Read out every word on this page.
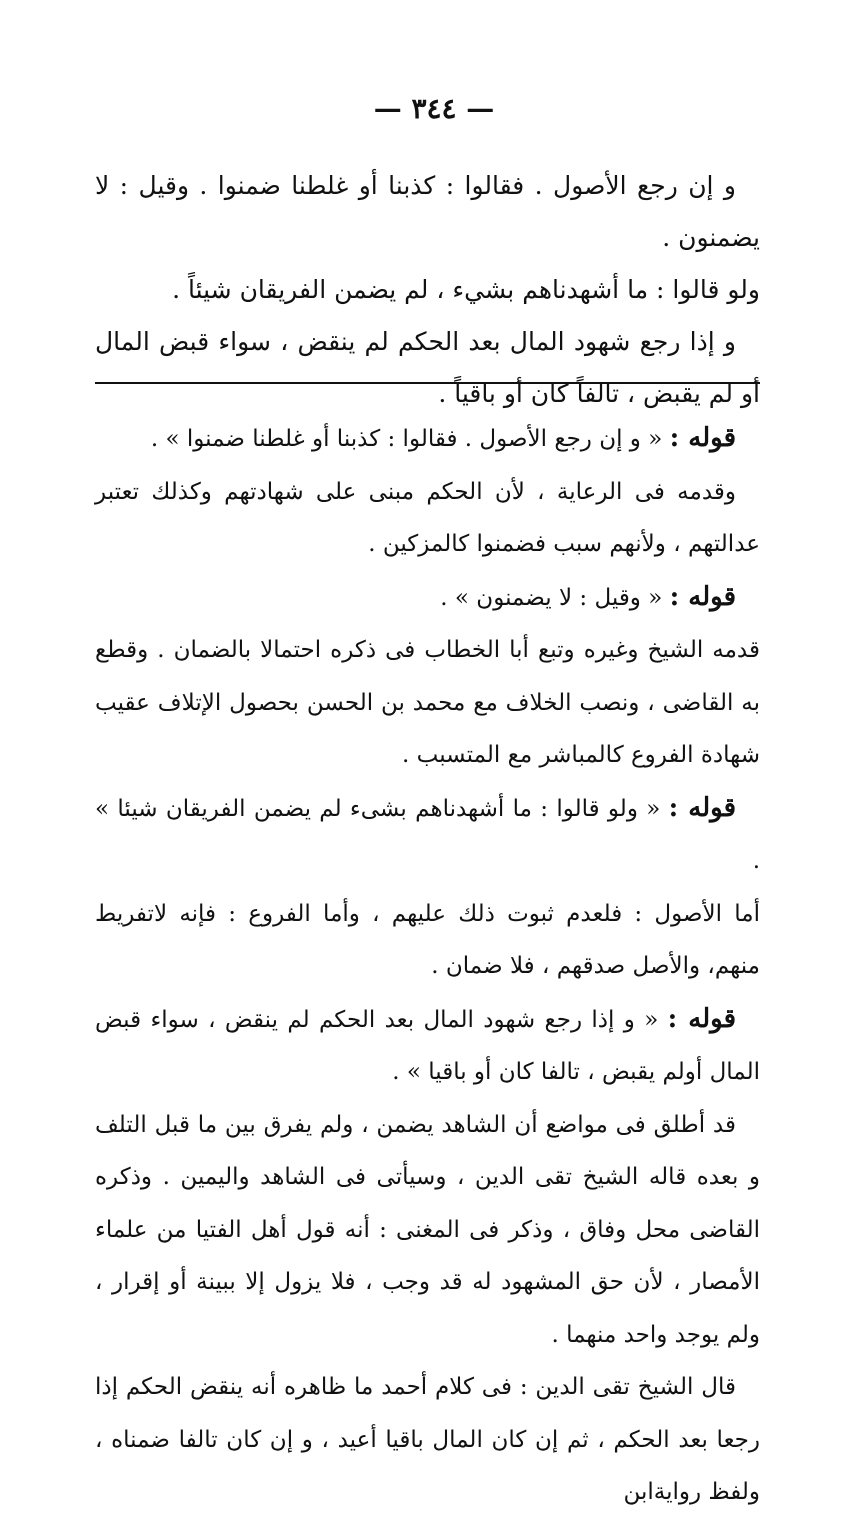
— ٣٤٤ —

و إن رجع الأصول . فقالوا : كذبنا أو غلطنا ضمنوا . وقيل : لا يضمنون .

ولو قالوا : ما أشهدناهم بشيء ، لم يضمن الفريقان شيئاً .

و إذا رجع شهود المال بعد الحكم لم ينقض ، سواء قبض المال أو لم يقبض ، تالفاً كان أو باقياً .

قوله : « و إن رجع الأصول . فقالوا : كذبنا أو غلطنا ضمنوا » .

وقدمه فى الرعاية ، لأن الحكم مبنى على شهادتهم وكذلك تعتبر عدالتهم ، ولأنهم سبب فضمنوا كالمزكين .

قوله : « وقيل : لا يضمنون » .

قدمه الشيخ وغيره وتبع أبا الخطاب فى ذكره احتمالا بالضمان . وقطع به القاضى ، ونصب الخلاف مع محمد بن الحسن بحصول الإتلاف عقيب شهادة الفروع كالمباشر مع المتسبب .

قوله : « ولو قالوا : ما أشهدناهم بشىء لم يضمن الفريقان شيئا » .

أما الأصول : فلعدم ثبوت ذلك عليهم ، وأما الفروع : فإنه لاتفريط منهم، والأصل صدقهم ، فلا ضمان .

قوله : « و إذا رجع شهود المال بعد الحكم لم ينقض ، سواء قبض المال أولم يقبض ، تالفا كان أو باقيا » .

قد أطلق فى مواضع أن الشاهد يضمن ، ولم يفرق بين ما قبل التلف و بعده قاله الشيخ تقى الدين ، وسيأتى فى الشاهد واليمين . وذكره القاضى محل وفاق ، وذكر فى المغنى : أنه قول أهل الفتيا من علماء الأمصار ، لأن حق المشهود له قد وجب ، فلا يزول إلا ببينة أو إقرار ، ولم يوجد واحد منهما .

قال الشيخ تقى الدين : فى كلام أحمد ما ظاهره أنه ينقض الحكم إذا رجعا بعد الحكم ، ثم إن كان المال باقيا أعيد ، و إن كان تالفا ضمناه ، ولفظ روايةابن
